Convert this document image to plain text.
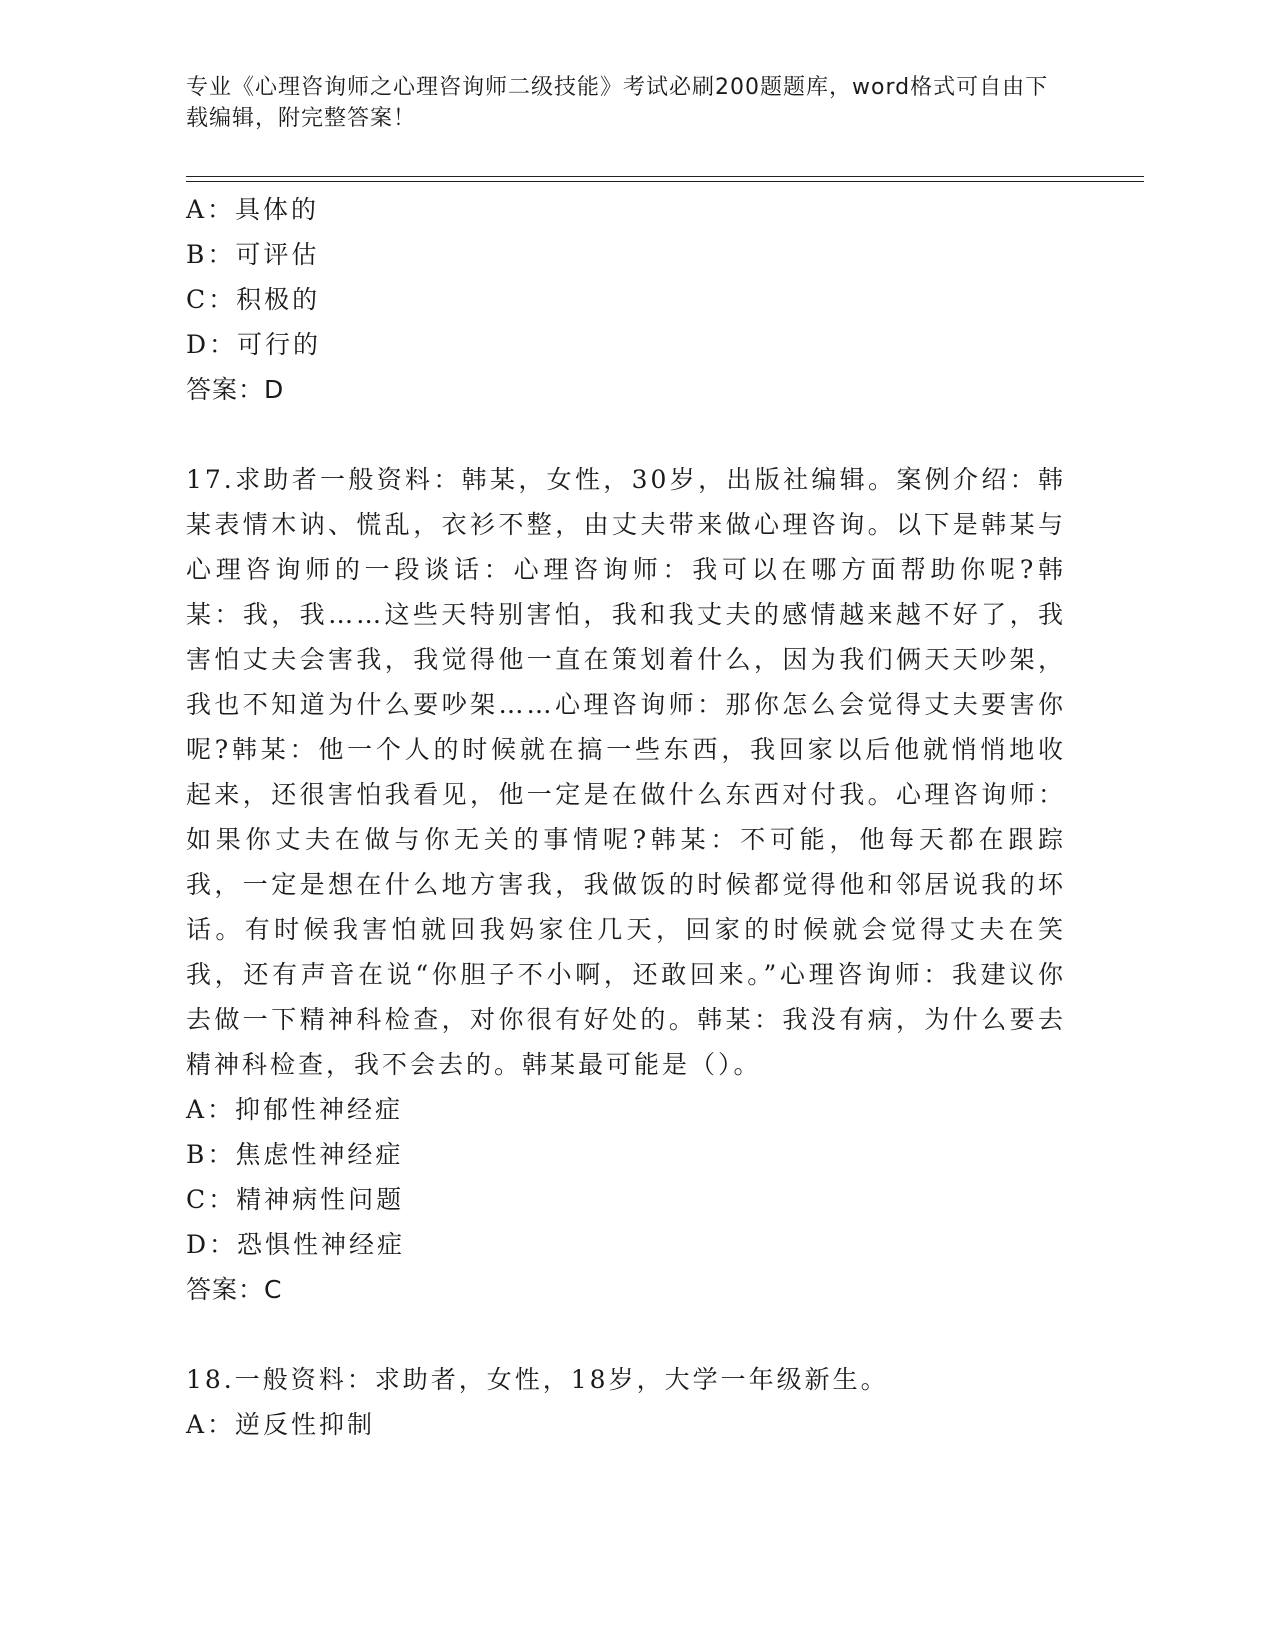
专业《心理咨询师之心理咨询师二级技能》考试必刷200题题库，word格式可自由下载编辑，附完整答案！
A：具体的
B：可评估
C：积极的
D：可行的
答案：D
17.求助者一般资料：韩某，女性，30岁，出版社编辑。案例介绍：韩某表情木讷、慌乱，衣衫不整，由丈夫带来做心理咨询。以下是韩某与心理咨询师的一段谈话：心理咨询师：我可以在哪方面帮助你呢?韩某：我，我……这些天特别害怕，我和我丈夫的感情越来越不好了，我害怕丈夫会害我，我觉得他一直在策划着什么，因为我们俩天天吵架，我也不知道为什么要吵架……心理咨询师：那你怎么会觉得丈夫要害你呢?韩某：他一个人的时候就在搞一些东西，我回家以后他就悄悄地收起来，还很害怕我看见，他一定是在做什么东西对付我。心理咨询师：如果你丈夫在做与你无关的事情呢?韩某：不可能，他每天都在跟踪我，一定是想在什么地方害我，我做饭的时候都觉得他和邻居说我的坏话。有时候我害怕就回我妈家住几天，回家的时候就会觉得丈夫在笑我，还有声音在说“你胆子不小啊，还敢回来。”心理咨询师：我建议你去做一下精神科检查，对你很有好处的。韩某：我没有病，为什么要去精神科检查，我不会去的。韩某最可能是（）。
A：抑郁性神经症
B：焦虑性神经症
C：精神病性问题
D：恐惧性神经症
答案：C
18.一般资料：求助者，女性，18岁，大学一年级新生。
A：逆反性抑制
